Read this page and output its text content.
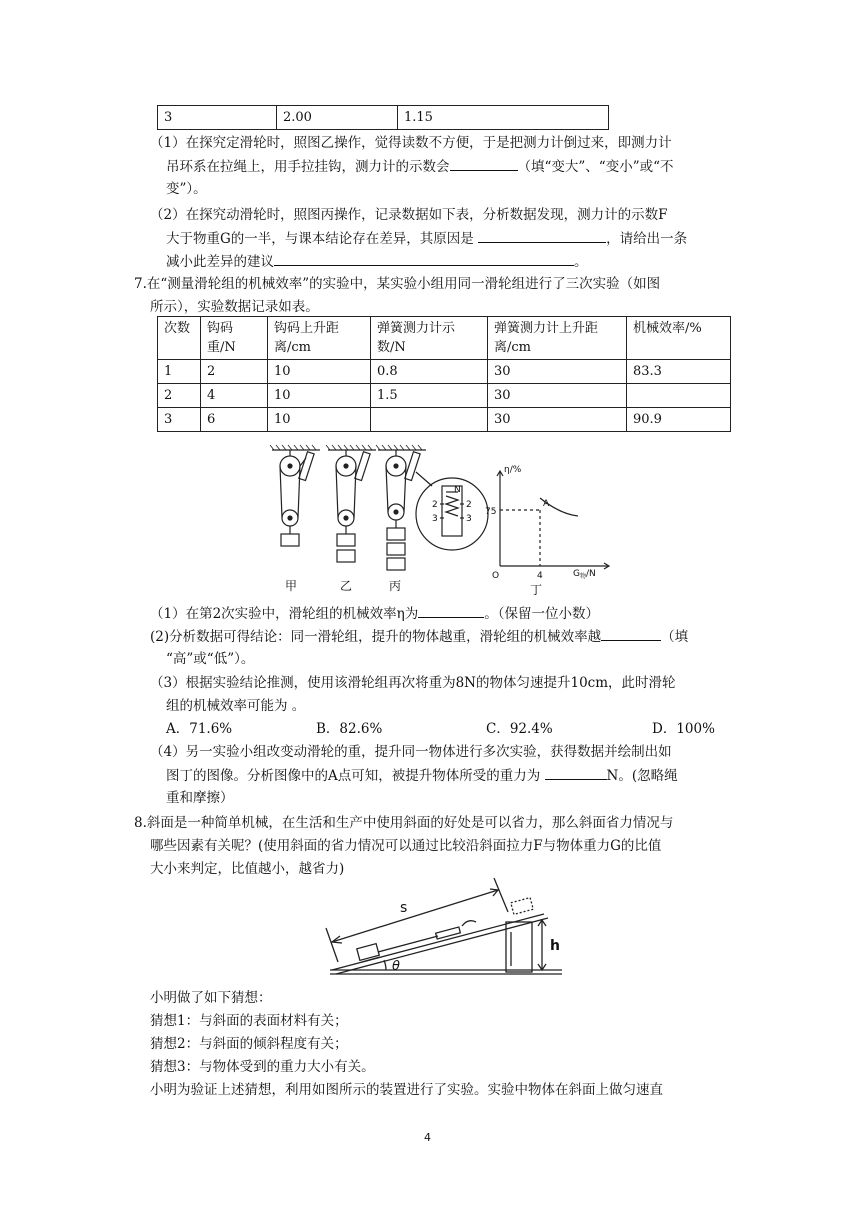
3	2.00	1.15
（1）在探究定滑轮时，照图乙操作，觉得读数不方便，于是把测力计倒过来，即测力计
吊环系在拉绳上，用手拉挂钩，测力计的示数会	（填“变大”、“变小”或“不
变”）。
（2）在探究动滑轮时，照图丙操作，记录数据如下表，分析数据发现，测力计的示数F
大于物重G的一半，与课本结论存在差异，其原因是	，请给出一条
减小此差异的建议	。
7.在“测量滑轮组的机械效率”的实验中，某实验小组用同一滑轮组进行了三次实验（如图
所示），实验数据记录如表。
次数	钩码重/N	钩码上升距离/cm	弹簧测力计示数/N	弹簧测力计上升距离/cm	机械效率/%
1	2	10	0.8	30	83.3
2	4	10	1.5	30	
3	6	10		30	90.9
N
2
3
2
3
η/%
75
4
O
A
$G_物/N$
甲	乙	丙	丁
（1）在第2次实验中，滑轮组的机械效率η为	。（保留一位小数）
(2)分析数据可得结论：同一滑轮组，提升的物体越重，滑轮组的机械效率越	（填
“高”或“低”）。
（3）根据实验结论推测，使用该滑轮组再次将重为8N的物体匀速提升10cm，此时滑轮
组的机械效率可能为 。
A．71.6%	B．82.6%	C．92.4%	D．100%
（4）另一实验小组改变动滑轮的重，提升同一物体进行多次实验，获得数据并绘制出如
图丁的图像。分析图像中的A点可知，被提升物体所受的重力为	N。(忽略绳
重和摩擦）
8.斜面是一种简单机械，在生活和生产中使用斜面的好处是可以省力，那么斜面省力情况与
哪些因素有关呢？(使用斜面的省力情况可以通过比较沿斜面拉力F与物体重力G的比值
大小来判定，比值越小，越省力)
s
h
θ
小明做了如下猜想：
猜想1：与斜面的表面材料有关；
猜想2：与斜面的倾斜程度有关；
猜想3：与物体受到的重力大小有关。
小明为验证上述猜想，利用如图所示的装置进行了实验。实验中物体在斜面上做匀速直
4
